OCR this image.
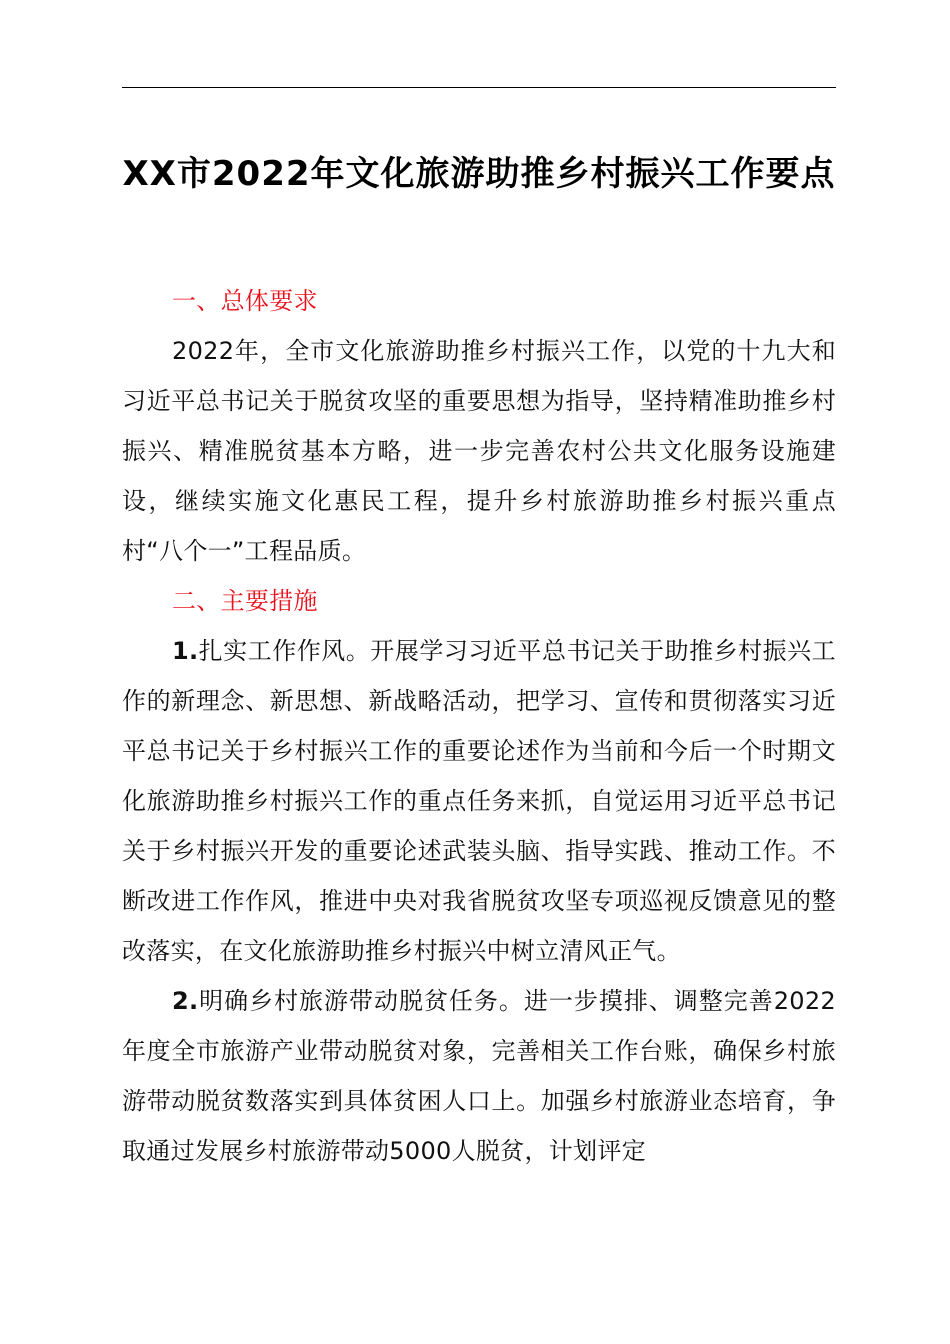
XX市2022年文化旅游助推乡村振兴工作要点

一、总体要求

2022年，全市文化旅游助推乡村振兴工作，以党的十九大和习近平总书记关于脱贫攻坚的重要思想为指导，坚持精准助推乡村振兴、精准脱贫基本方略，进一步完善农村公共文化服务设施建设，继续实施文化惠民工程，提升乡村旅游助推乡村振兴重点村“八个一”工程品质。

二、主要措施

1.扎实工作作风。开展学习习近平总书记关于助推乡村振兴工作的新理念、新思想、新战略活动，把学习、宣传和贯彻落实习近平总书记关于乡村振兴工作的重要论述作为当前和今后一个时期文化旅游助推乡村振兴工作的重点任务来抓，自觉运用习近平总书记关于乡村振兴开发的重要论述武装头脑、指导实践、推动工作。不断改进工作作风，推进中央对我省脱贫攻坚专项巡视反馈意见的整改落实，在文化旅游助推乡村振兴中树立清风正气。

2.明确乡村旅游带动脱贫任务。进一步摸排、调整完善2022年度全市旅游产业带动脱贫对象，完善相关工作台账，确保乡村旅游带动脱贫数落实到具体贫困人口上。加强乡村旅游业态培育，争取通过发展乡村旅游带动5000人脱贫，计划评定
